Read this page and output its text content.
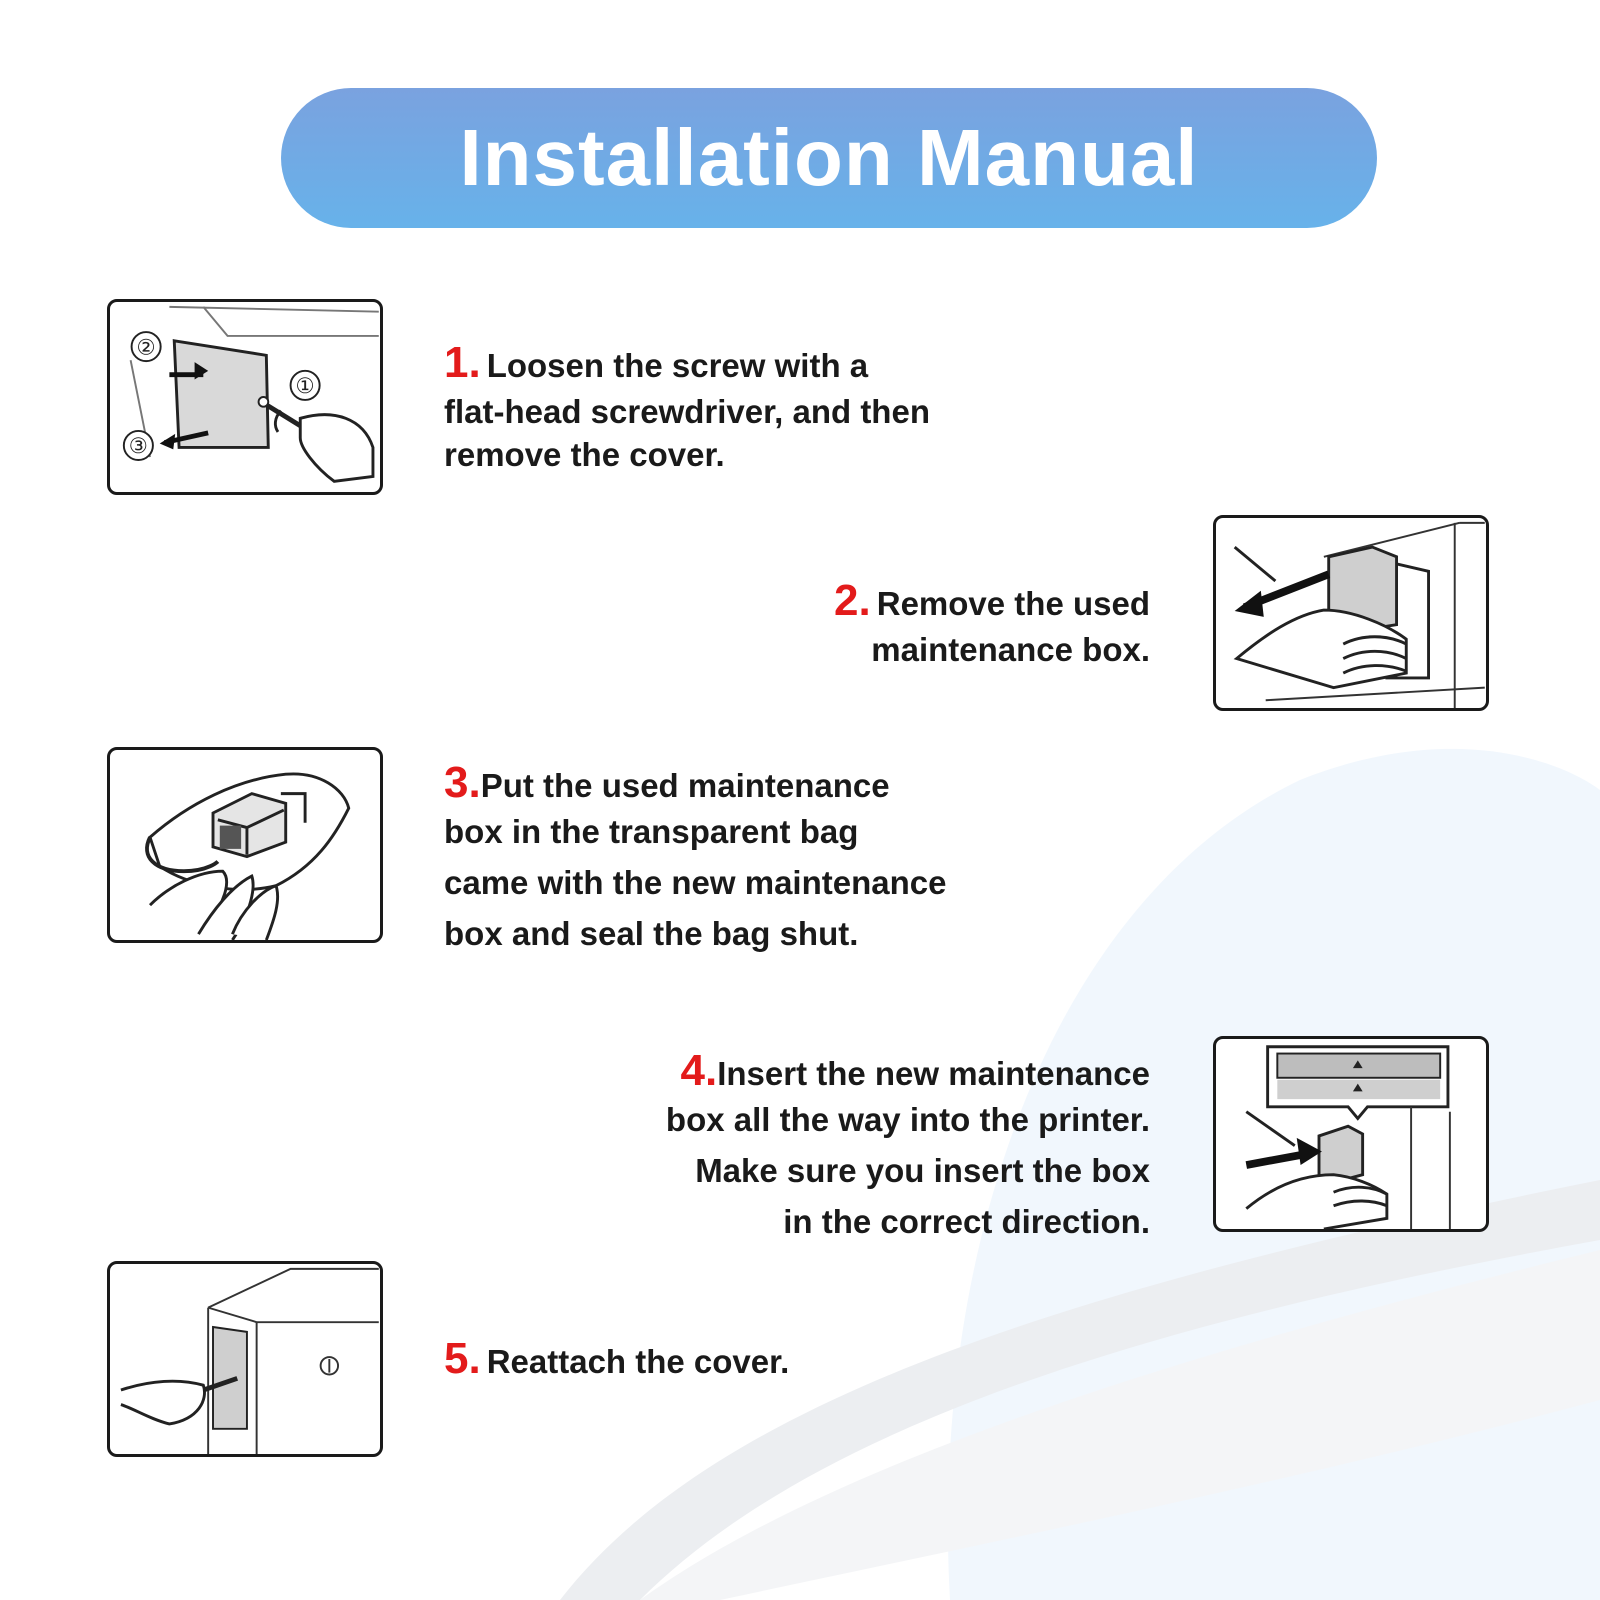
Installation Manual
②
①
③
1. Loosen the screw with a
flat-head screwdriver, and then
remove the cover.
2. Remove the used
maintenance box.
3.Put the used maintenance
box in the transparent bag
came with the new maintenance
box and seal the bag shut.
4.Insert the new maintenance
box all the way into the printer.
Make sure you insert the box
in the correct direction.
5. Reattach the cover.
